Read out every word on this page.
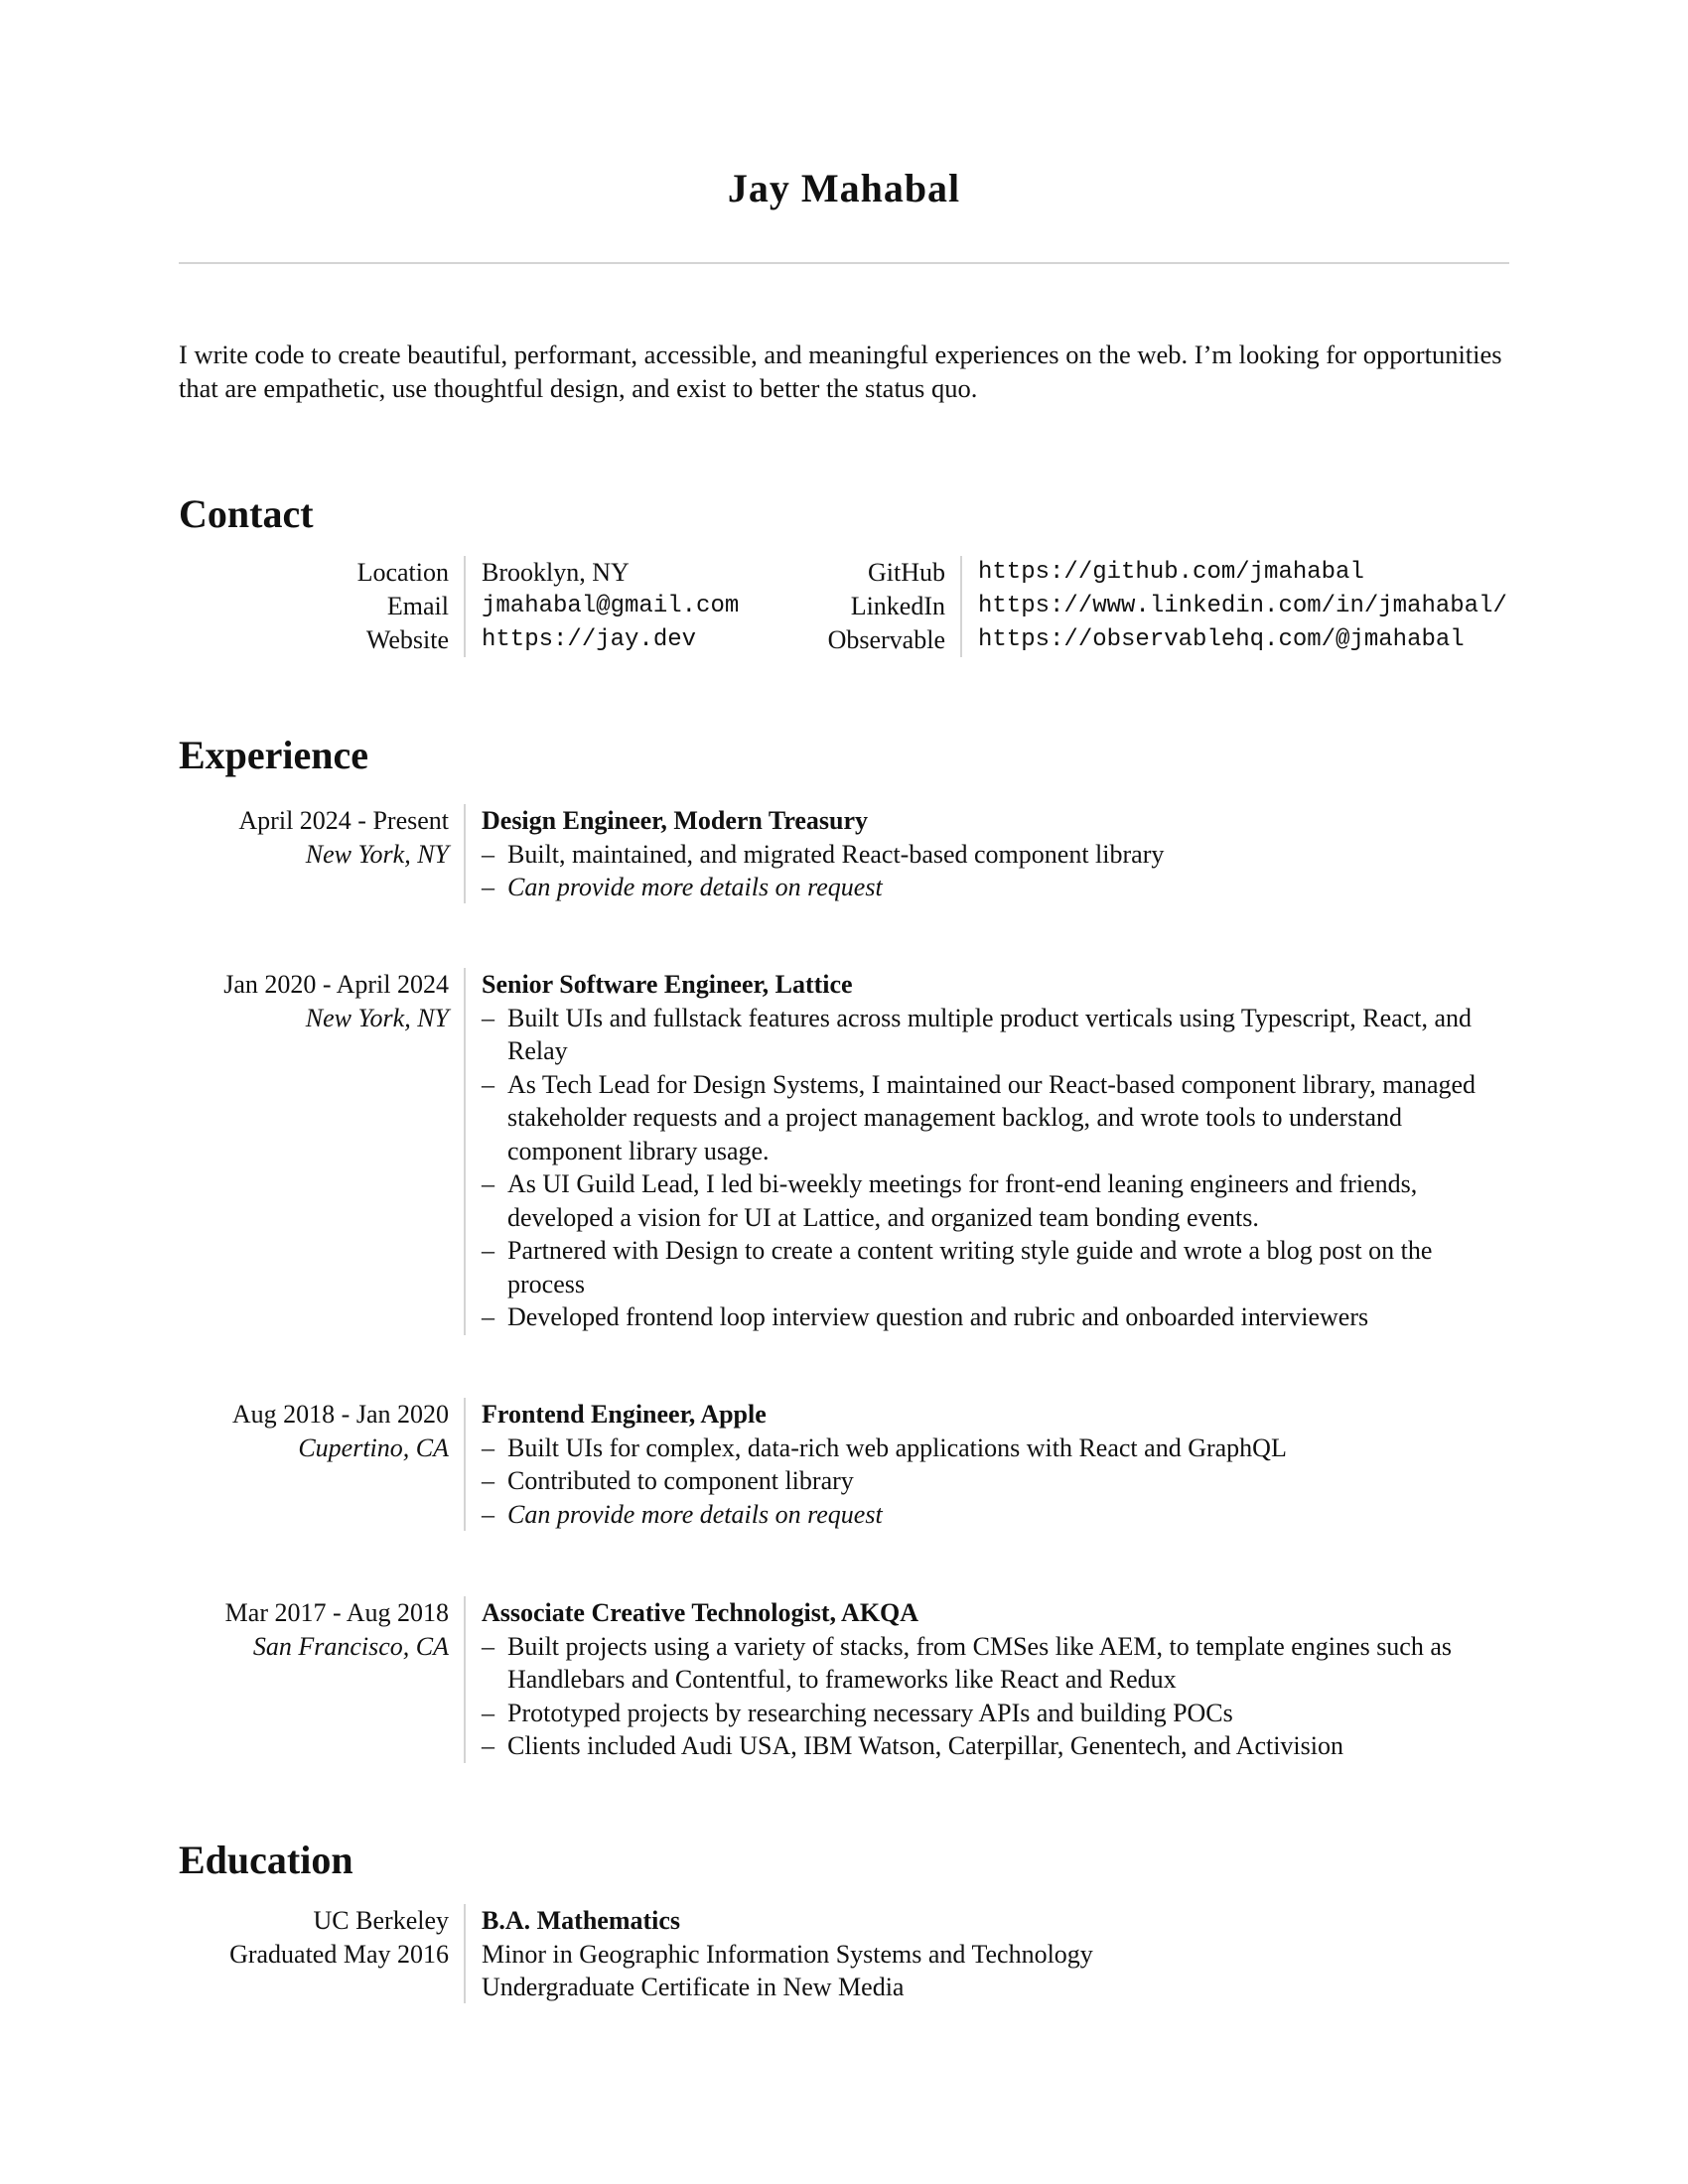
Jay Mahabal
I write code to create beautiful, performant, accessible, and meaningful experiences on the web. I’m looking for opportunities that are empathetic, use thoughtful design, and exist to better the status quo.
Contact
Location
Email
Website
Brooklyn, NY
jmahabal@gmail.com
https://jay.dev
GitHub
LinkedIn
Observable
https://github.com/jmahabal
https://www.linkedin.com/in/jmahabal/
https://observablehq.com/@jmahabal
Experience
April 2024 - Present
New York, NY
Design Engineer, Modern Treasury
– Built, maintained, and migrated React-based component library
– Can provide more details on request
Jan 2020 - April 2024
New York, NY
Senior Software Engineer, Lattice
– Built UIs and fullstack features across multiple product verticals using Typescript, React, and Relay
– As Tech Lead for Design Systems, I maintained our React-based component library, managed stakeholder requests and a project management backlog, and wrote tools to understand component library usage.
– As UI Guild Lead, I led bi-weekly meetings for front-end leaning engineers and friends, developed a vision for UI at Lattice, and organized team bonding events.
– Partnered with Design to create a content writing style guide and wrote a blog post on the process
– Developed frontend loop interview question and rubric and onboarded interviewers
Aug 2018 - Jan 2020
Cupertino, CA
Frontend Engineer, Apple
– Built UIs for complex, data-rich web applications with React and GraphQL
– Contributed to component library
– Can provide more details on request
Mar 2017 - Aug 2018
San Francisco, CA
Associate Creative Technologist, AKQA
– Built projects using a variety of stacks, from CMSes like AEM, to template engines such as Handlebars and Contentful, to frameworks like React and Redux
– Prototyped projects by researching necessary APIs and building POCs
– Clients included Audi USA, IBM Watson, Caterpillar, Genentech, and Activision
Education
UC Berkeley
Graduated May 2016
B.A. Mathematics
Minor in Geographic Information Systems and Technology
Undergraduate Certificate in New Media
